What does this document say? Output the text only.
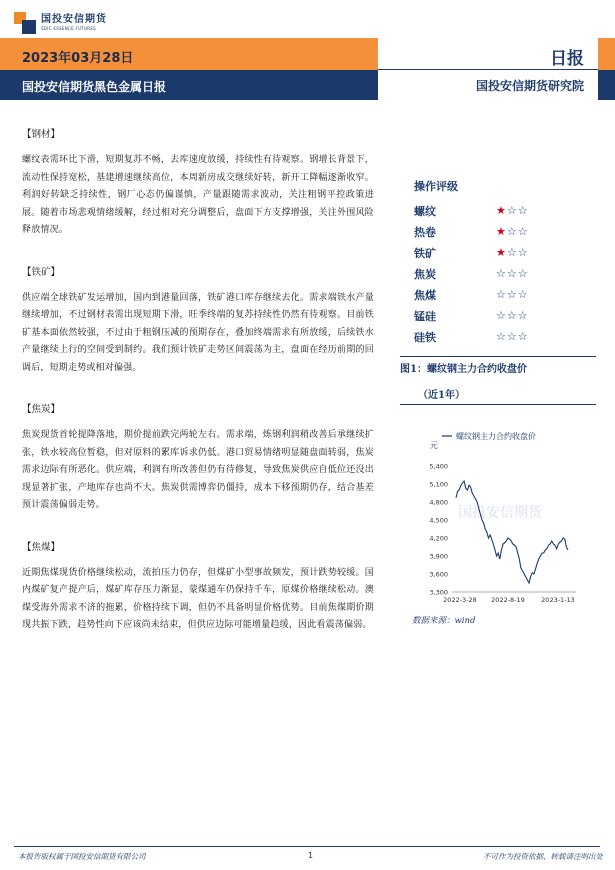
国投安信期货
SDIC ESSENCE FUTURES
2023年03月28日
国投安信期货黑色金属日报
日报
国投安信期货研究院
【钢材】
螺纹表需环比下滑，短期复苏不畅，去库速度放缓，持续性有待观察。钢增长背景下，流动性保持宽松，基建增速继续高位，本周新房成交继续好转，新开工降幅逐渐收窄。利润好转缺乏持续性，钢厂心态仍偏谨慎，产量跟随需求波动，关注粗钢平控政策进展。随着市场悲观情绪缓解，经过相对充分调整后，盘面下方支撑增强，关注外围风险释放情况。
【铁矿】
供应端全球铁矿发运增加，国内到港量回落，铁矿港口库存继续去化。需求端铁水产量继续增加，不过钢材表需出现短期下滑，旺季终端的复苏持续性仍然有待观察。目前铁矿基本面依然较强，不过由于粗钢压减的预期存在，叠加终端需求有所放缓，后续铁水产量继续上行的空间受到制约。我们预计铁矿走势区间震荡为主，盘面在经历前期的回调后，短期走势或相对偏强。
【焦炭】
焦炭现货首轮提降落地，期价提前跌完两轮左右。需求端，炼钢利润稍改善后承继续扩张，铁水较高位暂稳，但对原料的累库诉求仍低。港口贸易情绪明显随盘面转弱，焦炭需求边际有所恶化。供应端，利润有所改善但仍有待修复，导致焦炭供应自低位还没出现显著扩张，产地库存也尚不大。焦炭供需博弈仍僵持，成本下移预期仍存，结合基差预计震荡偏弱走势。
【焦煤】
近期焦煤现货价格继续松动，流拍压力仍存，但煤矿小型事故频发，预计跌势较缓。国内煤矿复产提产后，煤矿库存压力渐显，蒙煤通车仍保持千车，原煤价格继续松动。澳煤受海外需求不济的拖累，价格持续下调，但仍不具备明显价格优势。目前焦煤期价期现共振下跌，趋势性向下应该尚未结束，但供应边际可能增量趋缓，因此看震荡偏弱。
操作评级
螺纹	★☆☆
热卷	★☆☆
铁矿	★☆☆
焦炭	☆☆☆
焦煤	☆☆☆
锰硅	☆☆☆
硅铁	☆☆☆
图1：螺纹钢主力合约收盘价
（近1年）
国投安信期货
螺纹钢主力合约收盘价
元
5,400
5,100
4,800
4,500
4,200
3,900
3,600
3,300
2022-3-28 2022-8-19	2023-1-13
数据来源：wind
本报告版权属于国投安信期货有限公司	1	不可作为投资依据，转载请注明出处
